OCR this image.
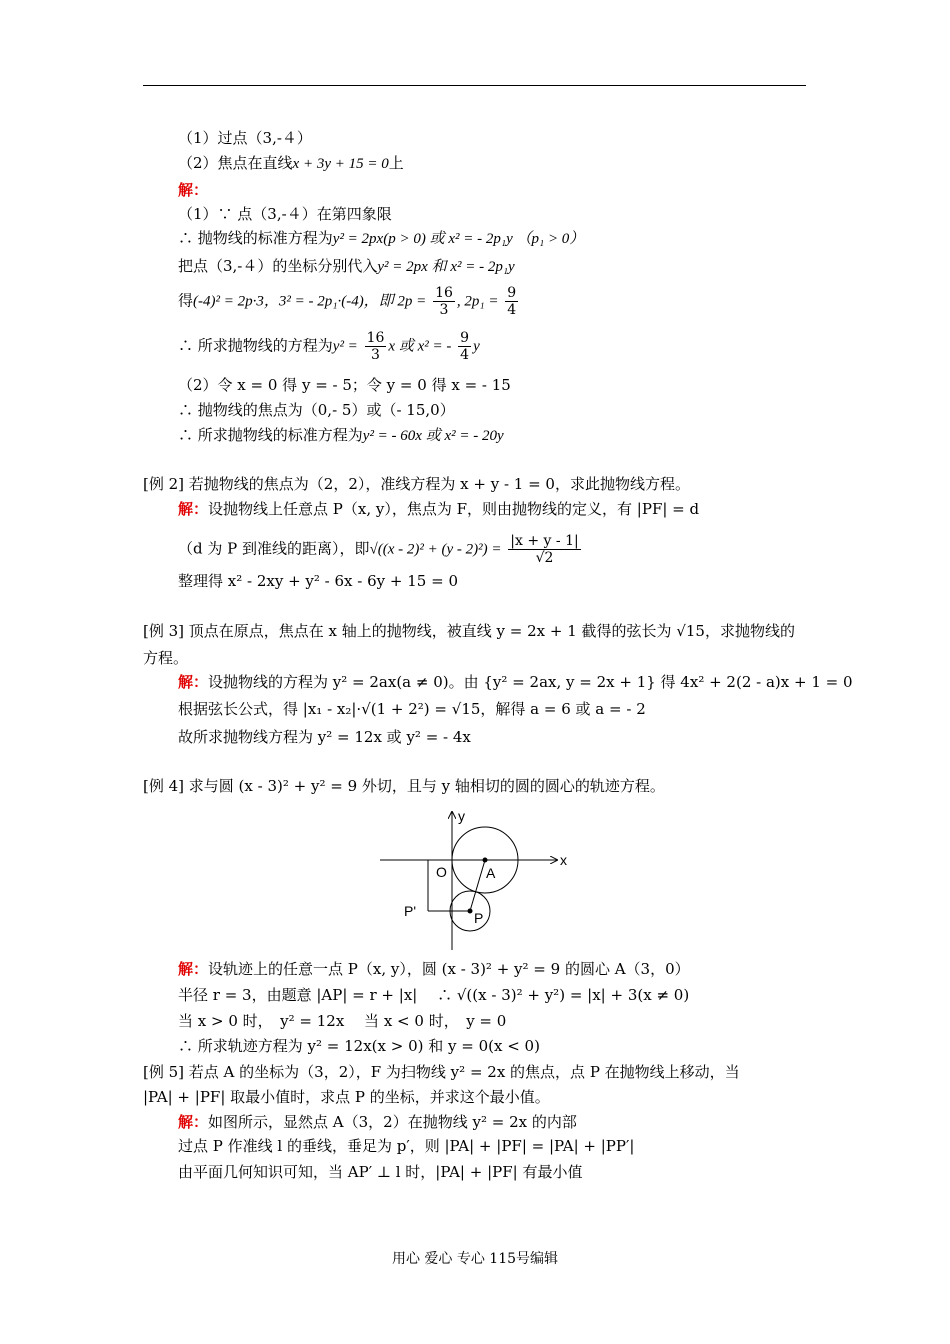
（1）过点（3,-４）
（2）焦点在直线x + 3y + 15 = 0上
解：
（1）∵ 点（3,-４）在第四象限
∴ 抛物线的标准方程为y² = 2px(p > 0) 或 x² = - 2p₁y （p₁ > 0）
把点（3,-４）的坐标分别代入y² = 2px 和 x² = - 2p₁y
得(-4)² = 2p·3，3² = - 2p₁·(-4)，即 $2p = \frac{16}{3}$ , $2p_1 = \frac{9}{4}$
∴ 所求抛物线的方程为$y^2 = \frac{16}{3}$ x 或 x² = - $\frac{9}{4}$ y
（2）令 x = 0 得 y = - 5；令 y = 0 得 x = - 15
∴ 抛物线的焦点为（0,- 5）或（- 15,0）
∴ 所求抛物线的标准方程为y² = - 60x 或 x² = - 20y
[例 2] 若抛物线的焦点为（2，2），准线方程为 x + y - 1 = 0，求此抛物线方程。
解：设抛物线上任意点 P（x, y），焦点为 F，则由抛物线的定义，有 |PF| = d
（d 为 P 到准线的距离），即$√((x - 2)^2 + (y - 2)^2) = \frac{|x + y - 1|}{√2}$
整理得 x² - 2xy + y² - 6x - 6y + 15 = 0
[例 3] 顶点在原点，焦点在 x 轴上的抛物线，被直线 y = 2x + 1 截得的弦长为 √15，求抛物线的
方程。
解：设抛物线的方程为 y² = 2ax(a ≠ 0)。由 {y² = 2ax, y = 2x + 1} 得 4x² + 2(2 - a)x + 1 = 0
根据弦长公式，得 |x₁ - x₂|·√(1 + 2²) = √15，解得 a = 6 或 a = - 2
故所求抛物线方程为 y² = 12x 或 y² = - 4x
[例 4] 求与圆 (x - 3)² + y² = 9 外切，且与 y 轴相切的圆的圆心的轨迹方程。
x
y
O	A
P
P'
解：设轨迹上的任意一点 P（x, y），圆 (x - 3)² + y² = 9 的圆心 A（3，0）
半径 r = 3，由题意 |AP| = r + |x|　 ∴ √((x - 3)² + y²) = |x| + 3(x ≠ 0)
当 x > 0 时，　y² = 12x　 当 x < 0 时，　y = 0
∴ 所求轨迹方程为 y² = 12x(x > 0) 和 y = 0(x < 0)
[例 5] 若点 A 的坐标为（3，2），F 为扫物线 y² = 2x 的焦点，点 P 在抛物线上移动，当
|PA| + |PF| 取最小值时，求点 P 的坐标，并求这个最小值。
解：如图所示，显然点 A（3，2）在抛物线 y² = 2x 的内部
过点 P 作准线 l 的垂线，垂足为 p′，则 |PA| + |PF| = |PA| + |PP′|
由平面几何知识可知，当 AP′ ⊥ l 时，|PA| + |PF| 有最小值
用心 爱心 专心 115号编辑
